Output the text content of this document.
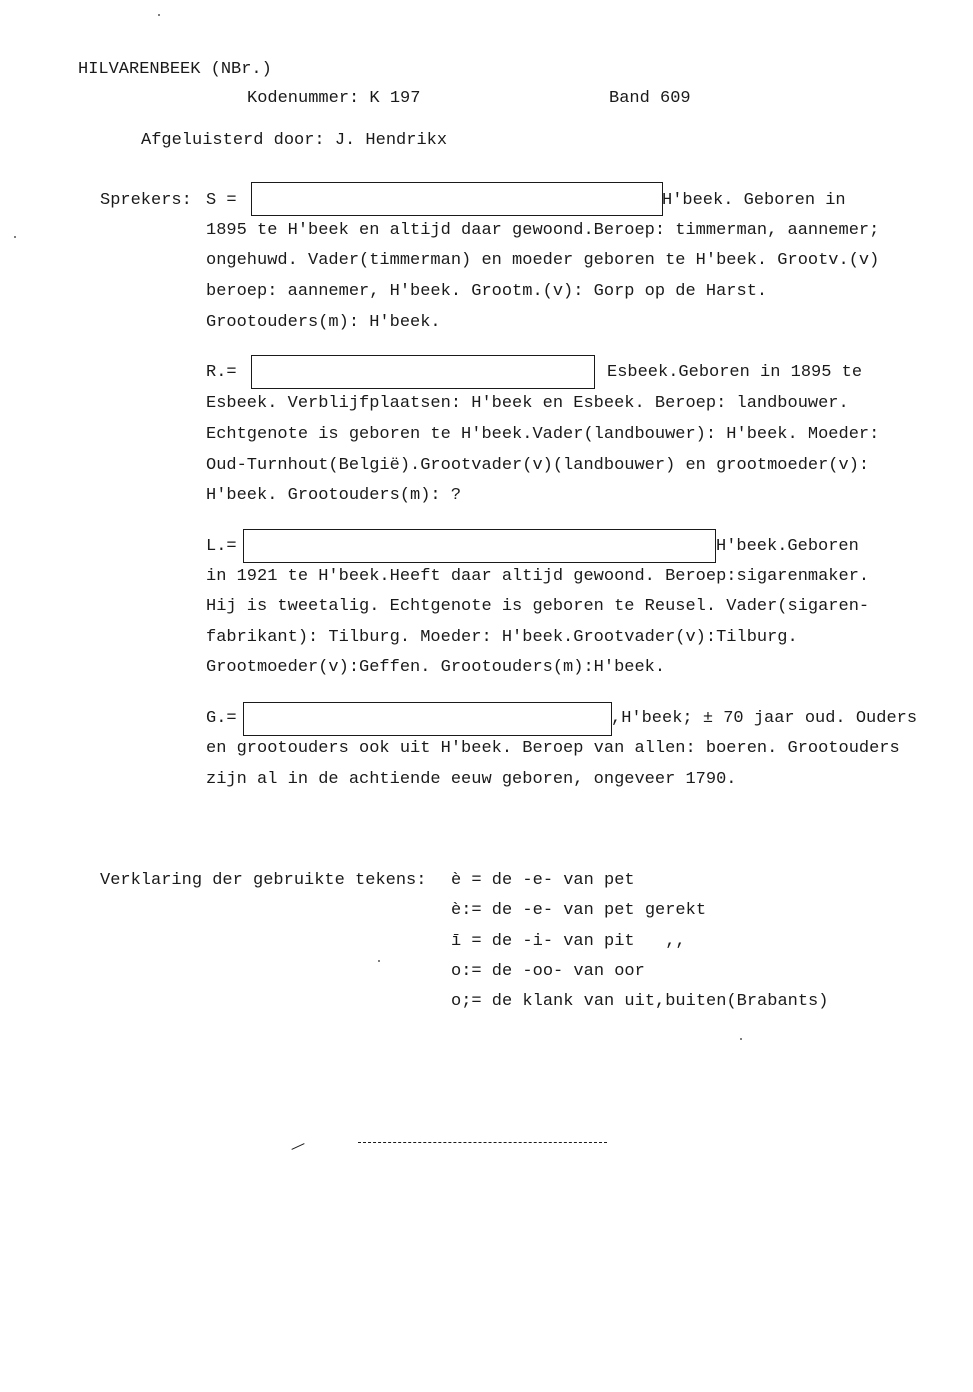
HILVARENBEEK (NBr.)
Kodenummer: K 197	Band 609
Afgeluisterd door: J. Hendrikx
Sprekers: S =	H'beek. Geboren in
1895 te H'beek en altijd daar gewoond.Beroep: timmerman, aannemer;
ongehuwd. Vader(timmerman) en moeder geboren te H'beek. Grootv.(v)
beroep: aannemer, H'beek. Grootm.(v): Gorp op de Harst.
Grootouders(m): H'beek.
R.=	Esbeek.Geboren in 1895 te
Esbeek. Verblijfplaatsen: H'beek en Esbeek. Beroep: landbouwer.
Echtgenote is geboren te H'beek.Vader(landbouwer): H'beek. Moeder:
Oud-Turnhout(België).Grootvader(v)(landbouwer) en grootmoeder(v):
H'beek. Grootouders(m): ?
L.=	H'beek.Geboren
in 1921 te H'beek.Heeft daar altijd gewoond. Beroep:sigarenmaker.
Hij is tweetalig. Echtgenote is geboren te Reusel. Vader(sigaren-
fabrikant): Tilburg. Moeder: H'beek.Grootvader(v):Tilburg.
Grootmoeder(v):Geffen. Grootouders(m):H'beek.
G.=	,H'beek; ± 70 jaar oud. Ouders
en grootouders ook uit H'beek. Beroep van allen: boeren. Grootouders
zijn al in de achtiende eeuw geboren, ongeveer 1790.
Verklaring der gebruikte tekens: è = de -e- van pet
è:= de -e- van pet gerekt
ī = de -i- van pit   ,,
o:= de -oo- van oor
o;= de klank van uit,buiten(Brabants)
